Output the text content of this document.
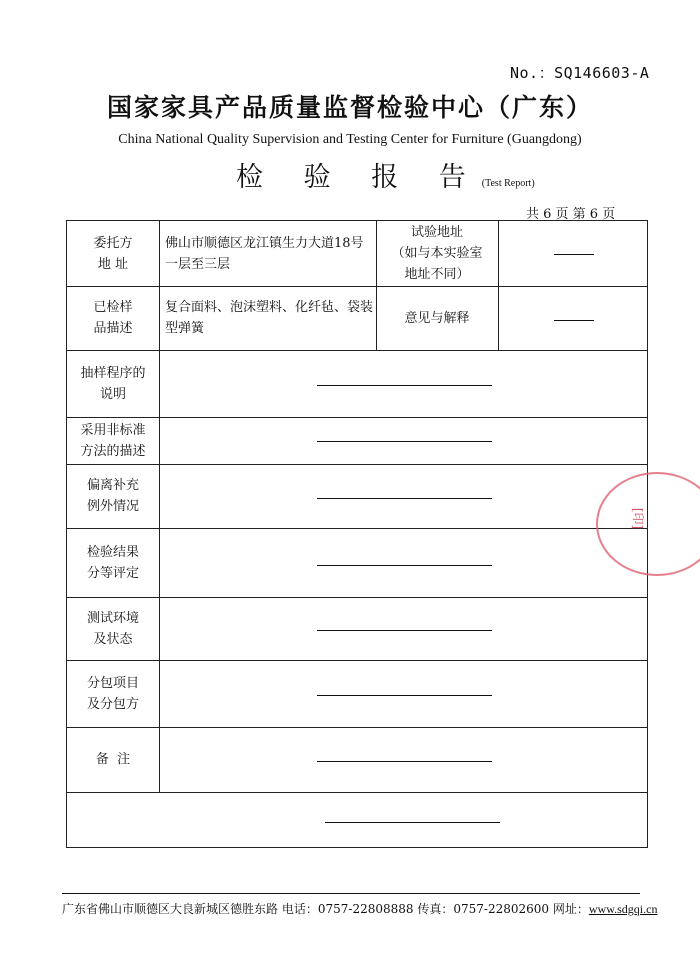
No.：SQ146603-A
国家家具产品质量监督检验中心（广东）
China National Quality Supervision and Testing Center for Furniture (Guangdong)
检 验 报 告(Test Report)
共 6 页 第 6 页
委托方
地 址
佛山市顺德区龙江镇生力大道18号一层至三层
试验地址
（如与本实验室
地址不同）
已检样
品描述
复合面料、泡沫塑料、化纤毡、袋装型弹簧
意见与解释
抽样程序的
说明
采用非标准
方法的描述
偏离补充
例外情况
检验结果
分等评定
测试环境
及状态
分包项目
及分包方
备  注
[印]
广东省佛山市顺德区大良新城区德胜东路 电话：0757-22808888 传真：0757-22802600 网址：www.sdgqi.cn
